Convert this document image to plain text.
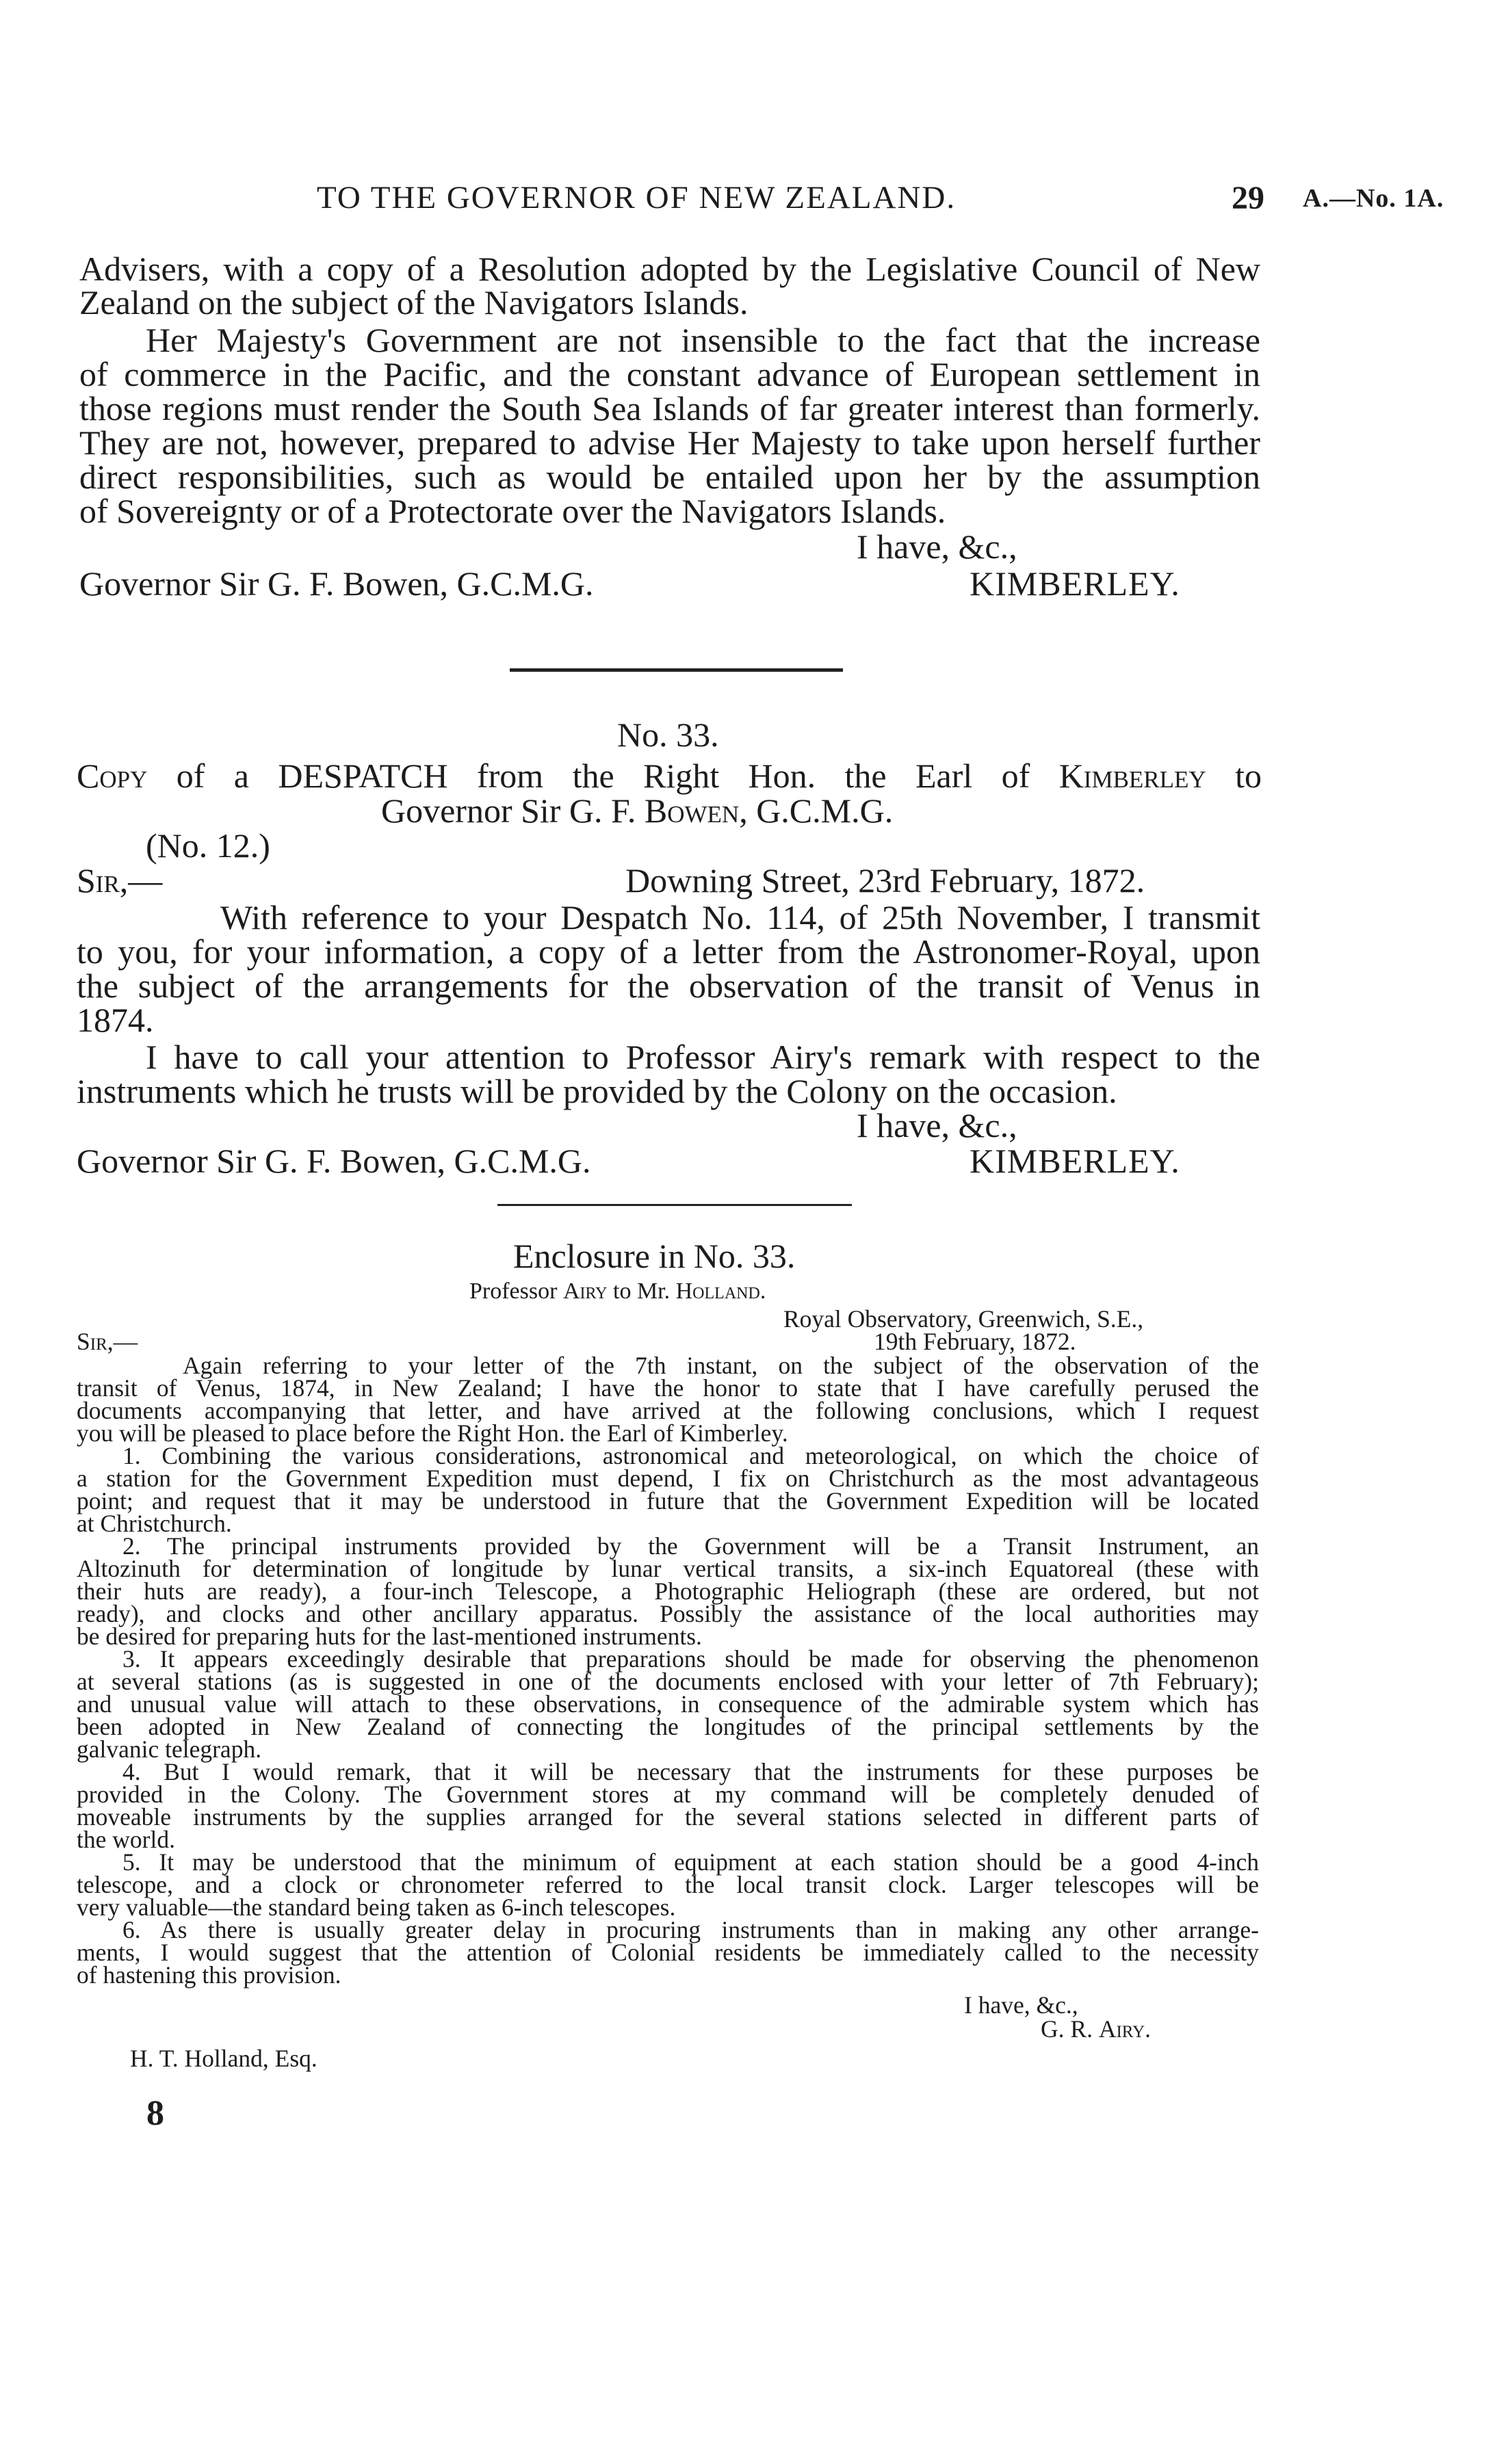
TO THE GOVERNOR OF NEW ZEALAND.	29 A.—No. 1A.

Advisers, with a copy of a Resolution adopted by the Legislative Council of New

Zealand on the subject of the Navigators Islands.

Her Majesty's Government are not insensible to the fact that the increase

of commerce in the Pacific, and the constant advance of European settlement in

those regions must render the South Sea Islands of far greater interest than formerly.

They are not, however, prepared to advise Her Majesty to take upon herself further

direct responsibilities, such as would be entailed upon her by the assumption

of Sovereignty or of a Protectorate over the Navigators Islands.

I have, &c.,

Governor Sir G. F. Bowen, G.C.M.G.	KIMBERLEY.

No. 33.

Copy of a DESPATCH from the Right Hon. the Earl of Kimberley to

Governor Sir G. F. Bowen, G.C.M.G.

(No. 12.)

Sir,—	Downing Street, 23rd February, 1872.

With reference to your Despatch No. 114, of 25th November, I transmit

to you, for your information, a copy of a letter from the Astronomer-Royal, upon

the subject of the arrangements for the observation of the transit of Venus in

1874.

I have to call your attention to Professor Airy's remark with respect to the

instruments which he trusts will be provided by the Colony on the occasion.

I have, &c.,

Governor Sir G. F. Bowen, G.C.M.G.	KIMBERLEY.

Enclosure in No. 33.

Professor Airy to Mr. Holland.

Royal Observatory, Greenwich, S.E.,

Sir,—	19th February, 1872.

Again referring to your letter of the 7th instant, on the subject of the observation of the

transit of Venus, 1874, in New Zealand; I have the honor to state that I have carefully perused the

documents accompanying that letter, and have arrived at the following conclusions, which I request

you will be pleased to place before the Right Hon. the Earl of Kimberley.

1. Combining the various considerations, astronomical and meteorological, on which the choice of

a station for the Government Expedition must depend, I fix on Christchurch as the most advantageous

point; and request that it may be understood in future that the Government Expedition will be located

at Christchurch.

2. The principal instruments provided by the Government will be a Transit Instrument, an

Altozinuth for determination of longitude by lunar vertical transits, a six-inch Equatoreal (these with

their huts are ready), a four-inch Telescope, a Photographic Heliograph (these are ordered, but not

ready), and clocks and other ancillary apparatus. Possibly the assistance of the local authorities may

be desired for preparing huts for the last-mentioned instruments.

3. It appears exceedingly desirable that preparations should be made for observing the phenomenon

at several stations (as is suggested in one of the documents enclosed with your letter of 7th February);

and unusual value will attach to these observations, in consequence of the admirable system which has

been adopted in New Zealand of connecting the longitudes of the principal settlements by the

galvanic telegraph.

4. But I would remark, that it will be necessary that the instruments for these purposes be

provided in the Colony. The Government stores at my command will be completely denuded of

moveable instruments by the supplies arranged for the several stations selected in different parts of

the world.

5. It may be understood that the minimum of equipment at each station should be a good 4-inch

telescope, and a clock or chronometer referred to the local transit clock. Larger telescopes will be

very valuable—the standard being taken as 6-inch telescopes.

6. As there is usually greater delay in procuring instruments than in making any other arrange-

ments, I would suggest that the attention of Colonial residents be immediately called to the necessity

of hastening this provision.

I have, &c.,

G. R. Airy.

H. T. Holland, Esq.

8
